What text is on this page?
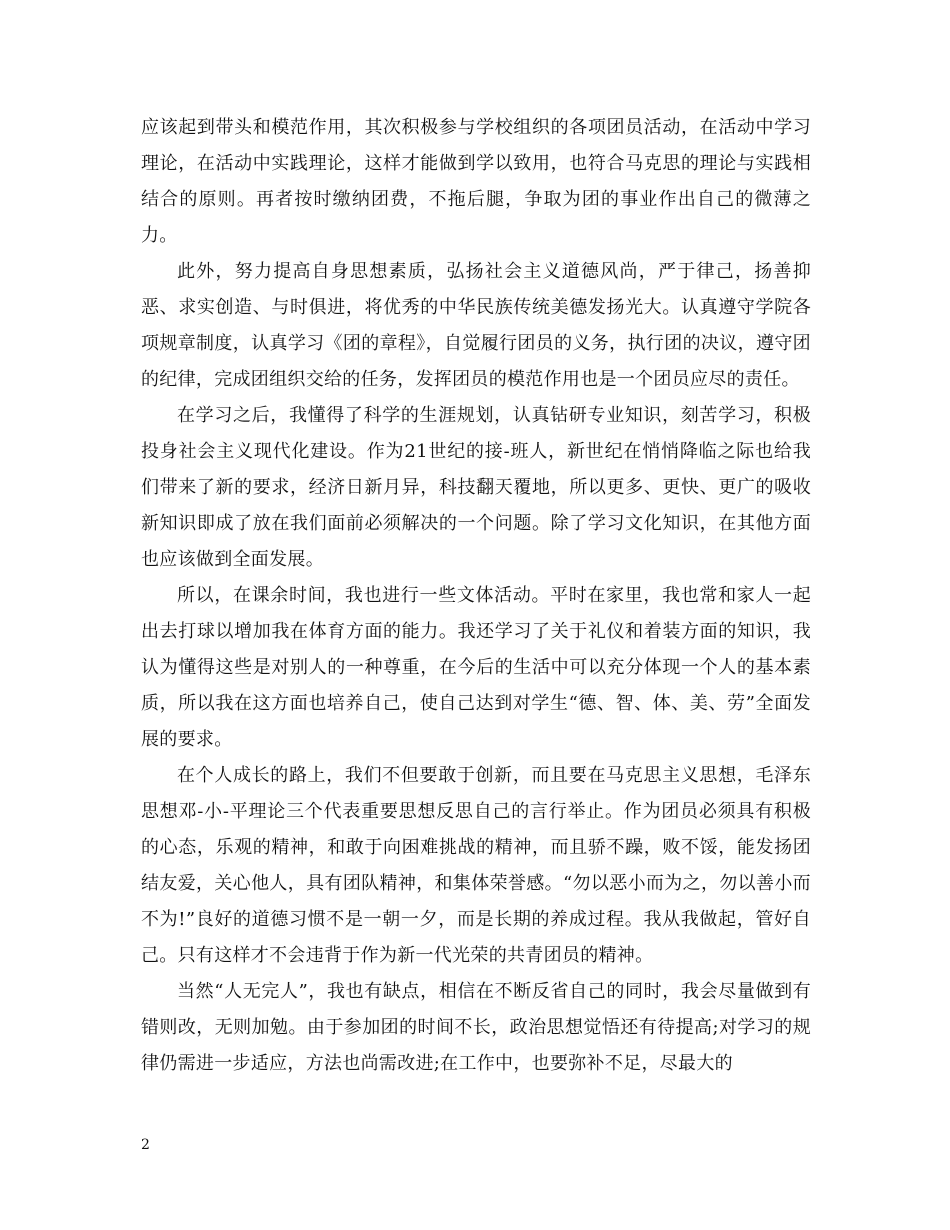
应该起到带头和模范作用，其次积极参与学校组织的各项团员活动，在活动中学习理论，在活动中实践理论，这样才能做到学以致用，也符合马克思的理论与实践相结合的原则。再者按时缴纳团费，不拖后腿，争取为团的事业作出自己的微薄之力。

此外，努力提高自身思想素质，弘扬社会主义道德风尚，严于律己，扬善抑恶、求实创造、与时俱进，将优秀的中华民族传统美德发扬光大。认真遵守学院各项规章制度，认真学习《团的章程》，自觉履行团员的义务，执行团的决议，遵守团的纪律，完成团组织交给的任务，发挥团员的模范作用也是一个团员应尽的责任。

在学习之后，我懂得了科学的生涯规划，认真钻研专业知识，刻苦学习，积极投身社会主义现代化建设。作为21世纪的接-班人，新世纪在悄悄降临之际也给我们带来了新的要求，经济日新月异，科技翻天覆地，所以更多、更快、更广的吸收新知识即成了放在我们面前必须解决的一个问题。除了学习文化知识，在其他方面也应该做到全面发展。

所以，在课余时间，我也进行一些文体活动。平时在家里，我也常和家人一起出去打球以增加我在体育方面的能力。我还学习了关于礼仪和着装方面的知识，我认为懂得这些是对别人的一种尊重，在今后的生活中可以充分体现一个人的基本素质，所以我在这方面也培养自己，使自己达到对学生“德、智、体、美、劳”全面发展的要求。

在个人成长的路上，我们不但要敢于创新，而且要在马克思主义思想，毛泽东思想邓-小-平理论三个代表重要思想反思自己的言行举止。作为团员必须具有积极的心态，乐观的精神，和敢于向困难挑战的精神，而且骄不躁，败不馁，能发扬团结友爱，关心他人，具有团队精神，和集体荣誉感。“勿以恶小而为之，勿以善小而不为!”良好的道德习惯不是一朝一夕，而是长期的养成过程。我从我做起，管好自己。只有这样才不会违背于作为新一代光荣的共青团员的精神。

当然“人无完人”，我也有缺点，相信在不断反省自己的同时，我会尽量做到有错则改，无则加勉。由于参加团的时间不长，政治思想觉悟还有待提高;对学习的规律仍需进一步适应，方法也尚需改进;在工作中，也要弥补不足，尽最大的

2
